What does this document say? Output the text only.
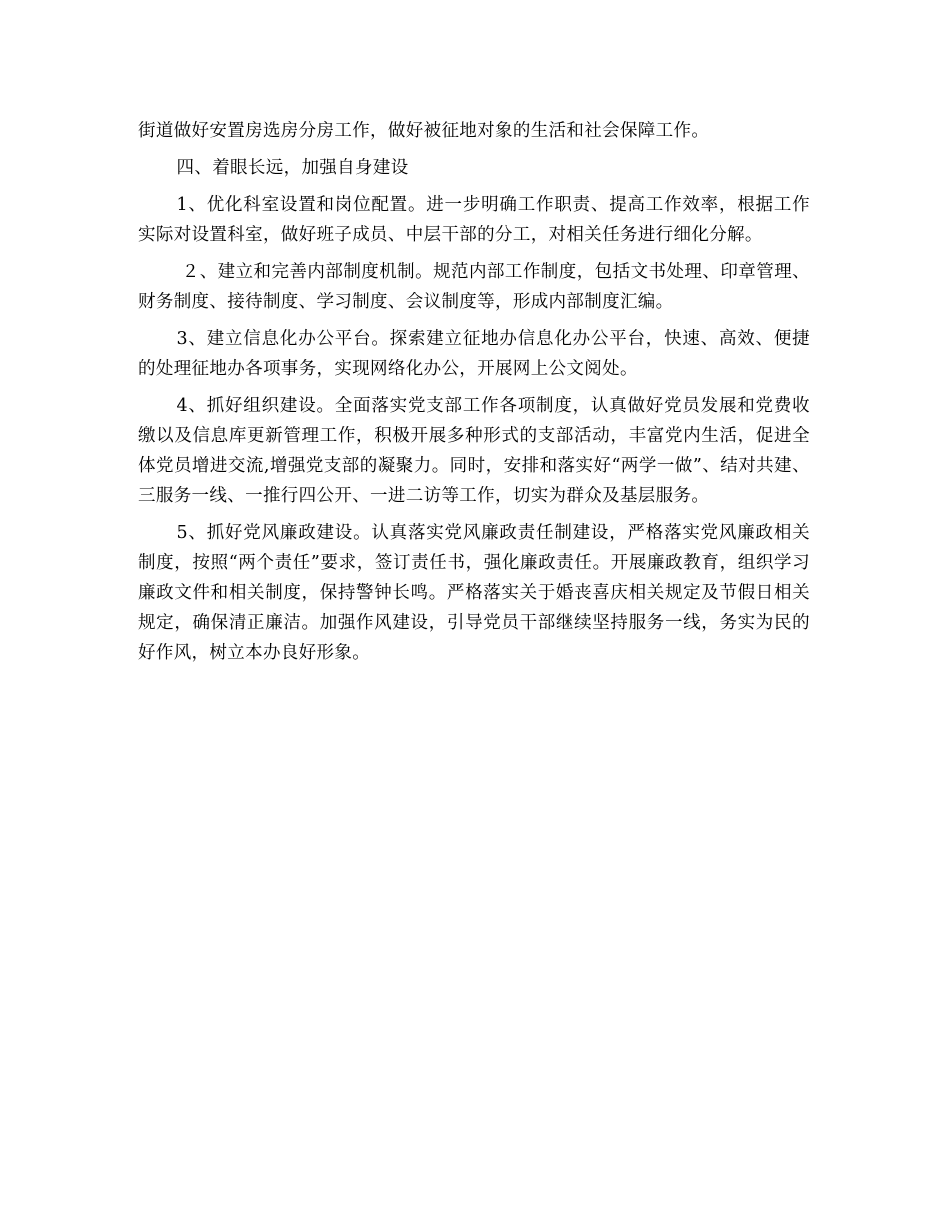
街道做好安置房选房分房工作，做好被征地对象的生活和社会保障工作。

四、着眼长远，加强自身建设

1、优化科室设置和岗位配置。进一步明确工作职责、提高工作效率，根据工作实际对设置科室，做好班子成员、中层干部的分工，对相关任务进行细化分解。

２、建立和完善内部制度机制。规范内部工作制度，包括文书处理、印章管理、财务制度、接待制度、学习制度、会议制度等，形成内部制度汇编。

3、建立信息化办公平台。探索建立征地办信息化办公平台，快速、高效、便捷的处理征地办各项事务，实现网络化办公，开展网上公文阅处。

4、抓好组织建设。全面落实党支部工作各项制度，认真做好党员发展和党费收缴以及信息库更新管理工作，积极开展多种形式的支部活动，丰富党内生活，促进全体党员增进交流,增强党支部的凝聚力。同时，安排和落实好“两学一做”、结对共建、三服务一线、一推行四公开、一进二访等工作，切实为群众及基层服务。

5、抓好党风廉政建设。认真落实党风廉政责任制建设，严格落实党风廉政相关制度，按照“两个责任”要求，签订责任书，强化廉政责任。开展廉政教育，组织学习廉政文件和相关制度，保持警钟长鸣。严格落实关于婚丧喜庆相关规定及节假日相关规定，确保清正廉洁。加强作风建设，引导党员干部继续坚持服务一线，务实为民的好作风，树立本办良好形象。
